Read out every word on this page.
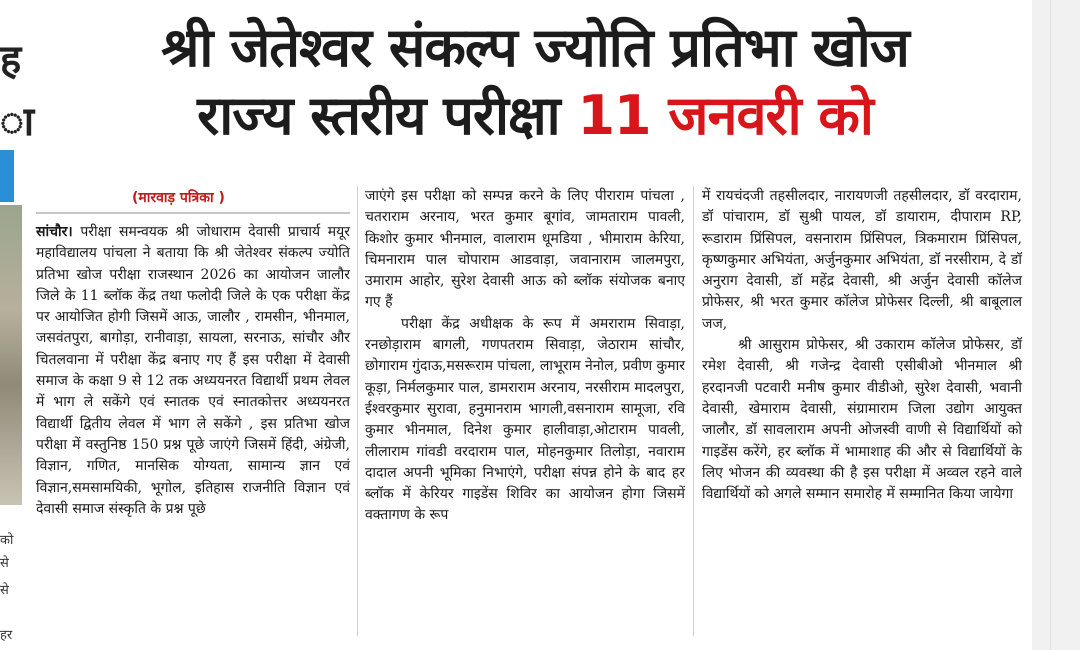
ह
ा
को
से
से
हर
श्री जेतेश्वर संकल्प ज्योति प्रतिभा खोज
राज्य स्तरीय परीक्षा 11 जनवरी को
(मारवाड़ पत्रिका )

सांचौर। परीक्षा समन्वयक श्री जोधाराम देवासी प्राचार्य मयूर महाविद्यालय पांचला ने बताया कि श्री जेतेश्वर संकल्प ज्योति प्रतिभा खोज परीक्षा राजस्थान 2026 का आयोजन जालौर जिले के 11 ब्लॉक केंद्र तथा फलोदी जिले के एक परीक्षा केंद्र पर आयोजित होगी जिसमें आऊ, जालौर , रामसीन, भीनमाल, जसवंतपुरा, बागोड़ा, रानीवाड़ा, सायला, सरनाऊ, सांचौर और चितलवाना में परीक्षा केंद्र बनाए गए हैं इस परीक्षा में देवासी समाज के कक्षा 9 से 12 तक अध्ययनरत विद्यार्थी प्रथम लेवल में भाग ले सकेंगे एवं स्नातक एवं स्नातकोत्तर अध्ययनरत विद्यार्थी द्वितीय लेवल में भाग ले सकेंगे , इस प्रतिभा खोज परीक्षा में वस्तुनिष्ठ 150 प्रश्न पूछे जाएंगे जिसमें हिंदी, अंग्रेजी, विज्ञान, गणित, मानसिक योग्यता, सामान्य ज्ञान एवं विज्ञान,समसामयिकी, भूगोल, इतिहास राजनीति विज्ञान एवं देवासी समाज संस्कृति के प्रश्न पूछे

जाएंगे इस परीक्षा को सम्पन्न करने के लिए पीराराम पांचला , चतराराम अरनाय, भरत कुमार बूगांव, जामताराम पावली, किशोर कुमार भीनमाल, वालाराम धूमडिया , भीमाराम केरिया, चिमनाराम पाल चोपाराम आडवाड़ा, जवानाराम जालमपुरा, उमाराम आहोर, सुरेश देवासी आऊ को ब्लॉक संयोजक बनाए गए हैं

परीक्षा केंद्र अधीक्षक के रूप में अमराराम सिवाड़ा, रनछोड़ाराम बागली, गणपतराम सिवाड़ा, जेठाराम सांचौर, छोगाराम गुंदाऊ,मसरूराम पांचला, लाभूराम नेनोल, प्रवीण कुमार कूड़ा, निर्मलकुमार पाल, डामराराम अरनाय, नरसीराम मादलपुरा, ईश्वरकुमार सुरावा, हनुमानराम भागली,वसनाराम सामूजा, रवि कुमार भीनमाल, दिनेश कुमार हालीवाड़ा,ओटाराम पावली, लीलाराम गांवडी वरदाराम पाल, मोहनकुमार तिलोड़ा, नवाराम दादाल अपनी भूमिका निभाएंगे, परीक्षा संपन्न होने के बाद हर ब्लॉक में केरियर गाइडेंस शिविर का आयोजन होगा जिसमें वक्तागण के रूप

में रायचंदजी तहसीलदार, नारायणजी तहसीलदार, डॉ वरदाराम, डॉ पांचाराम, डॉ सुश्री पायल, डॉ डायाराम, दीपाराम RP, रूडाराम प्रिंसिपल, वसनाराम प्रिंसिपल, त्रिकमाराम प्रिंसिपल, कृष्णकुमार अभियंता, अर्जुनकुमार अभियंता, डॉ नरसीराम, दे डॉ अनुराग देवासी, डॉ महेंद्र देवासी, श्री अर्जुन देवासी कॉलेज प्रोफेसर, श्री भरत कुमार कॉलेज प्रोफेसर दिल्ली, श्री बाबूलाल जज,

श्री आसुराम प्रोफेसर, श्री उकाराम कॉलेज प्रोफेसर, डॉ रमेश देवासी, श्री गजेन्द्र देवासी एसीबीओ भीनमाल श्री हरदानजी पटवारी मनीष कुमार वीडीओ, सुरेश देवासी, भवानी देवासी, खेमाराम देवासी, संग्रामाराम जिला उद्योग आयुक्त जालौर, डॉ सावलाराम अपनी ओजस्वी वाणी से विद्यार्थियों को गाइडेंस करेंगे, हर ब्लॉक में भामाशाह की और से विद्यार्थियों के लिए भोजन की व्यवस्था की है इस परीक्षा में अव्वल रहने वाले विद्यार्थियों को अगले सम्मान समारोह में सम्मानित किया जायेगा
